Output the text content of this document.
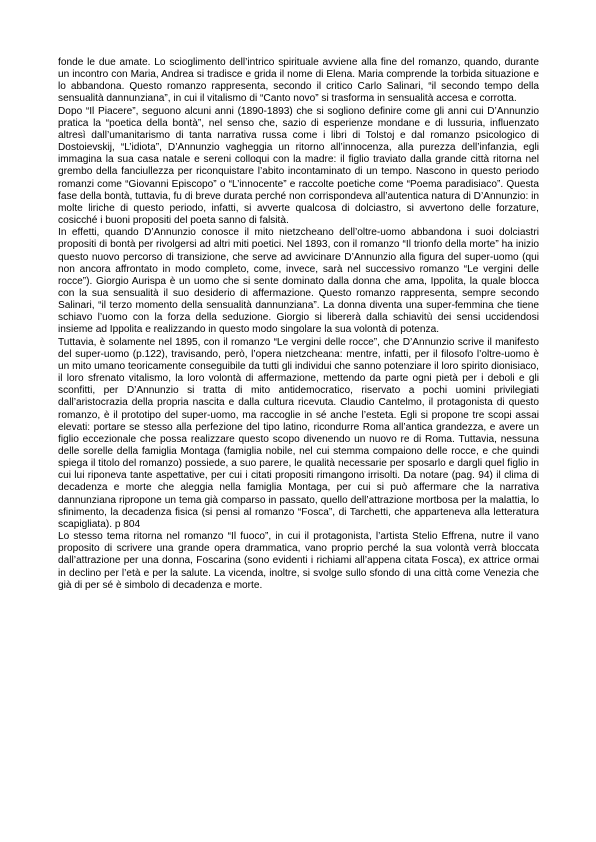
fonde le due amate. Lo scioglimento dell’intrico spirituale avviene alla fine del romanzo, quando, durante un incontro con Maria, Andrea si tradisce e grida il nome di Elena. Maria comprende la torbida situazione e lo abbandona. Questo romanzo rappresenta, secondo il critico Carlo Salinari, “il secondo tempo della sensualità dannunziana”, in cui il vitalismo di “Canto novo” si trasforma in sensualità accesa e corrotta.

Dopo “Il Piacere”, seguono alcuni anni (1890-1893) che si sogliono definire come gli anni cui D’Annunzio pratica la “poetica della bontà”, nel senso che, sazio di esperienze mondane e di lussuria, influenzato altresì dall’umanitarismo di tanta narrativa russa come i libri di Tolstoj e dal romanzo psicologico di Dostoievskij, “L’idiota”, D’Annunzio vagheggia un ritorno all’innocenza, alla purezza dell’infanzia, egli immagina la sua casa natale e sereni colloqui con la madre: il figlio traviato dalla grande città ritorna nel grembo della fanciullezza per riconquistare l’abito incontaminato di un tempo. Nascono in questo periodo romanzi come “Giovanni Episcopo” o “L’innocente” e raccolte poetiche come “Poema paradisiaco”. Questa fase della bontà, tuttavia, fu di breve durata perché non corrispondeva all’autentica natura di D’Annunzio: in molte liriche di questo periodo, infatti, si avverte qualcosa di dolciastro, si avvertono delle forzature, cosicché i buoni propositi del poeta sanno di falsità.

In effetti, quando D’Annunzio conosce il mito nietzcheano dell’oltre-uomo abbandona i suoi dolciastri propositi di bontà per rivolgersi ad altri miti poetici. Nel 1893, con il romanzo “Il trionfo della morte” ha inizio questo nuovo percorso di transizione, che serve ad avvicinare D’Annunzio alla figura del super-uomo (qui non ancora affrontato in modo completo, come, invece, sarà nel successivo romanzo “Le vergini delle rocce”). Giorgio Aurispa è un uomo che si sente dominato dalla donna che ama, Ippolita, la quale blocca con la sua sensualità il suo desiderio di affermazione. Questo romanzo rappresenta, sempre secondo Salinari, “il terzo momento della sensualità dannunziana”. La donna diventa una super-femmina che tiene schiavo l’uomo con la forza della seduzione. Giorgio si libererà dalla schiavitù dei sensi uccidendosi insieme ad Ippolita e realizzando in questo modo singolare la sua volontà di potenza.

Tuttavia, è solamente nel 1895, con il romanzo “Le vergini delle rocce”, che D’Annunzio scrive il manifesto del super-uomo (p.122), travisando, però, l’opera nietzcheana: mentre, infatti, per il filosofo l’oltre-uomo è un mito umano teoricamente conseguibile da tutti gli individui che sanno potenziare il loro spirito dionisiaco, il loro sfrenato vitalismo, la loro volontà di affermazione, mettendo da parte ogni pietà per i deboli e gli sconfitti, per D’Annunzio si tratta di mito antidemocratico, riservato a pochi uomini privilegiati dall’aristocrazia della propria nascita e dalla cultura ricevuta. Claudio Cantelmo, il protagonista di questo romanzo, è il prototipo del super-uomo, ma raccoglie in sé anche l’esteta. Egli si propone tre scopi assai elevati: portare se stesso alla perfezione del tipo latino, ricondurre Roma all’antica grandezza, e avere un figlio eccezionale che possa realizzare questo scopo divenendo un nuovo re di Roma. Tuttavia, nessuna delle sorelle della famiglia Montaga (famiglia nobile, nel cui stemma compaiono delle rocce, e che quindi spiega il titolo del romanzo) possiede, a suo parere, le qualità necessarie per sposarlo e dargli quel figlio in cui lui riponeva tante aspettative, per cui i citati propositi rimangono irrisolti. Da notare (pag. 94) il clima di decadenza e morte che aleggia nella famiglia Montaga, per cui si può affermare che la narrativa dannunziana ripropone un tema già comparso in passato, quello dell’attrazione mortbosa per la malattia, lo sfinimento, la decadenza fisica (si pensi al romanzo “Fosca”, di Tarchetti, che apparteneva alla letteratura scapigliata). p 804

Lo stesso tema ritorna nel romanzo “Il fuoco”, in cui il protagonista, l’artista Stelio Effrena, nutre il vano proposito di scrivere una grande opera drammatica, vano proprio perché la sua volontà verrà bloccata dall’attrazione per una donna, Foscarina (sono evidenti i richiami all’appena citata Fosca), ex attrice ormai in declino per l’età e per la salute. La vicenda, inoltre, si svolge sullo sfondo di una città come Venezia che già di per sé è simbolo di decadenza e morte.
